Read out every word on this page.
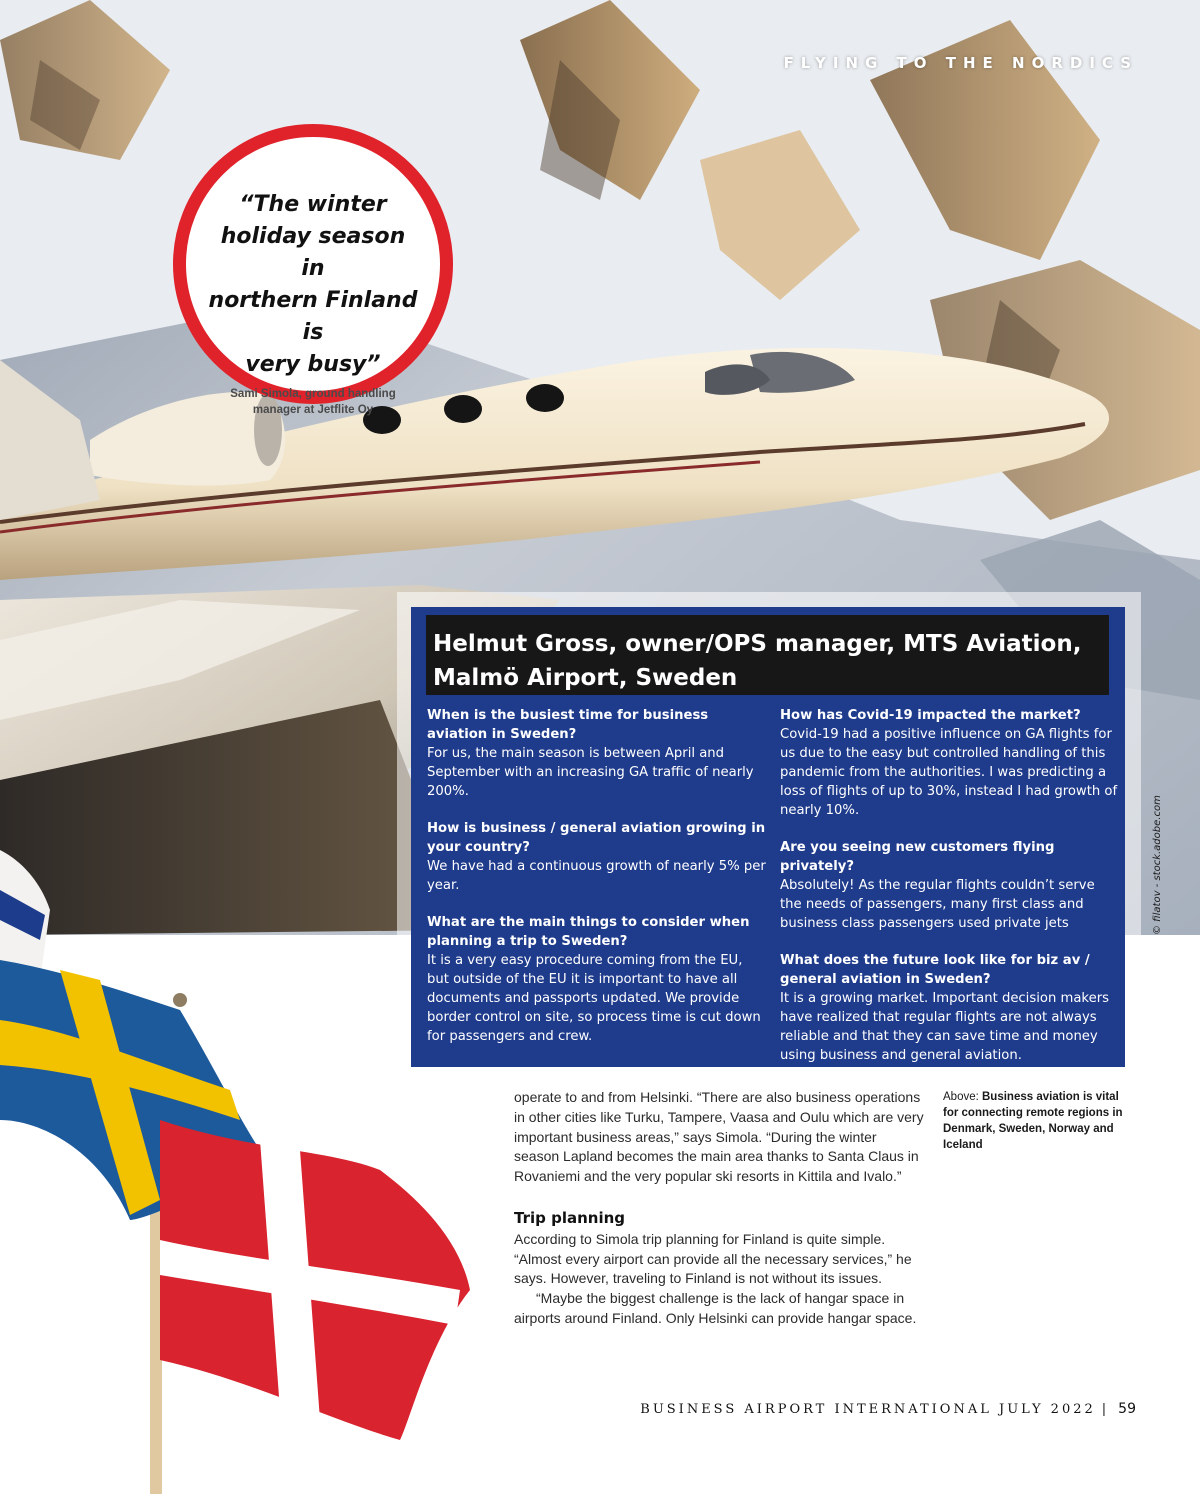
FLYING TO THE NORDICS
© filatov - stock.adobe.com
“The winter
holiday season in
northern Finland is
very busy”
Sami Simola, ground handling
manager at Jetflite Oy
Helmut Gross, owner/OPS manager, MTS Aviation,
Malmö Airport, Sweden
When is the busiest time for business aviation in Sweden?
For us, the main season is between April and September with an increasing GA traffic of nearly 200%.
How is business / general aviation growing in your country?
We have had a continuous growth of nearly 5% per year.
What are the main things to consider when planning a trip to Sweden?
It is a very easy procedure coming from the EU, but outside of the EU it is important to have all documents and passports updated. We provide border control on site, so process time is cut down for passengers and crew.
How has Covid-19 impacted the market?
Covid-19 had a positive influence on GA flights for us due to the easy but controlled handling of this pandemic from the authorities. I was predicting a loss of flights of up to 30%, instead I had growth of nearly 10%.
Are you seeing new customers flying privately?
Absolutely! As the regular flights couldn’t serve the needs of passengers, many first class and business class passengers used private jets
What does the future look like for biz av / general aviation in Sweden?
It is a growing market. Important decision makers have realized that regular flights are not always reliable and that they can save time and money using business and general aviation.

operate to and from Helsinki. “There are also business operations in other cities like Turku, Tampere, Vaasa and Oulu which are very important business areas,” says Simola. “During the winter season Lapland becomes the main area thanks to Santa Claus in Rovaniemi and the very popular ski resorts in Kittila and Ivalo.”

Trip planning

According to Simola trip planning for Finland is quite simple. “Almost every airport can provide all the necessary services,” he says. However, traveling to Finland is not without its issues.

“Maybe the biggest challenge is the lack of hangar space in airports around Finland. Only Helsinki can provide hangar space.

Above: Business aviation is vital for connecting remote regions in Denmark, Sweden, Norway and Iceland
BUSINESS AIRPORT INTERNATIONAL JULY 2022 | 59
